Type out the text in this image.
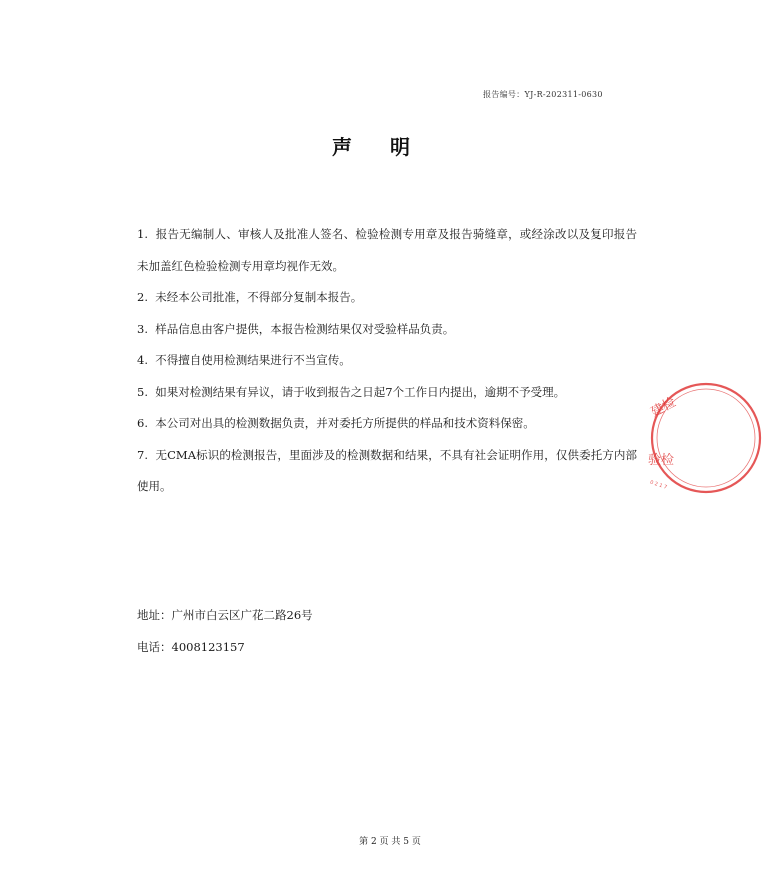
报告编号：YJ-R-202311-0630
声明
1. 报告无编制人、审核人及批准人签名、检验检测专用章及报告骑缝章，或经涂改以及复印报告未加盖红色检验检测专用章均视作无效。
2. 未经本公司批准，不得部分复制本报告。
3. 样品信息由客户提供，本报告检测结果仅对受验样品负责。
4. 不得擅自使用检测结果进行不当宣传。
5. 如果对检测结果有异议，请于收到报告之日起7个工作日内提出，逾期不予受理。
6. 本公司对出具的检测数据负责，并对委托方所提供的样品和技术资料保密。
7. 无CMA标识的检测报告，里面涉及的检测数据和结果，不具有社会证明作用，仅供委托方内部使用。
地址：广州市白云区广花二路26号
电话：4008123157
第 2 页 共 5 页
建检
验检
0 2 1 7
